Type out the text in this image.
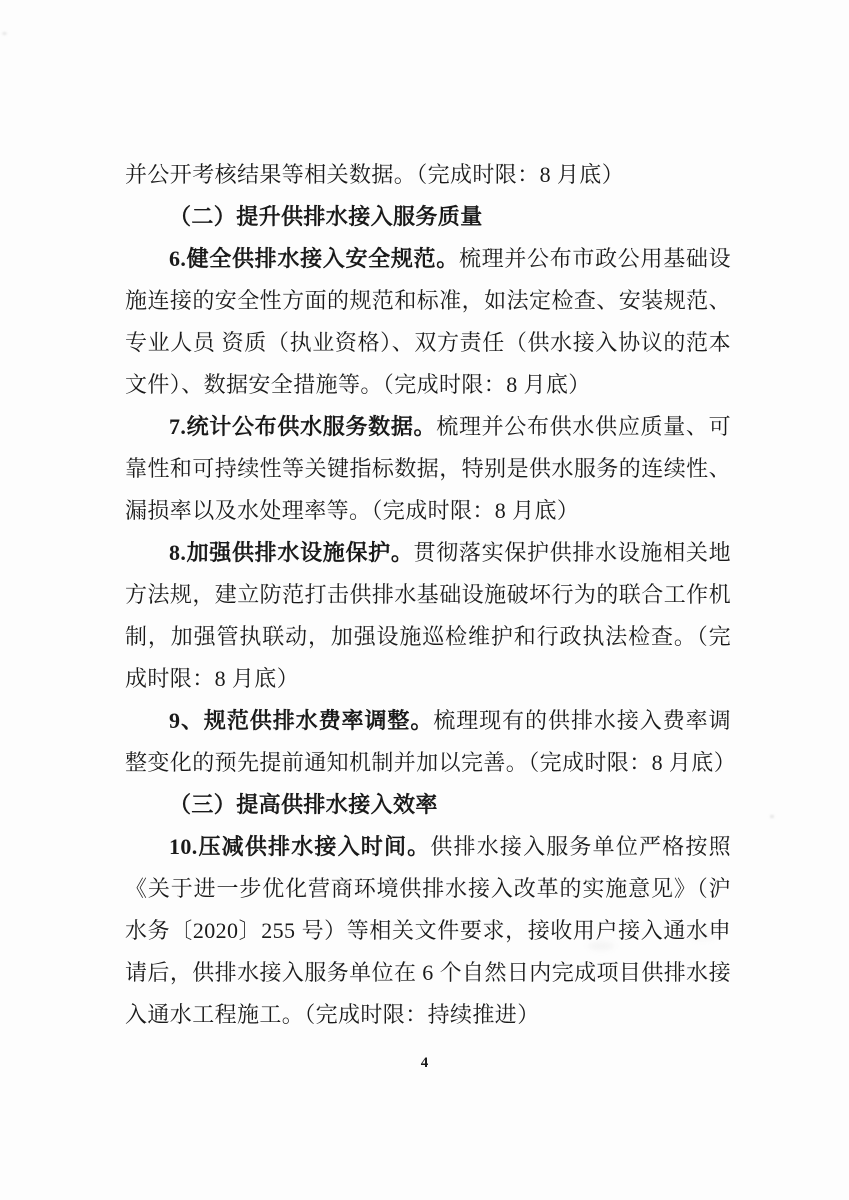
并公开考核结果等相关数据。（完成时限：8 月底）

（二）提升供排水接入服务质量

6.健全供排水接入安全规范。梳理并公布市政公用基础设施连接的安全性方面的规范和标准，如法定检查、安装规范、专业人员 资质（执业资格）、双方责任（供水接入协议的范本文件）、数据安全措施等。（完成时限：8 月底）

7.统计公布供水服务数据。梳理并公布供水供应质量、可靠性和可持续性等关键指标数据，特别是供水服务的连续性、漏损率以及水处理率等。（完成时限：8 月底）

8.加强供排水设施保护。贯彻落实保护供排水设施相关地方法规，建立防范打击供排水基础设施破坏行为的联合工作机制，加强管执联动，加强设施巡检维护和行政执法检查。（完成时限：8 月底）

9、规范供排水费率调整。梳理现有的供排水接入费率调整变化的预先提前通知机制并加以完善。（完成时限：8 月底）

（三）提高供排水接入效率

10.压减供排水接入时间。供排水接入服务单位严格按照《关于进一步优化营商环境供排水接入改革的实施意见》（沪水务〔2020〕255 号）等相关文件要求，接收用户接入通水申请后，供排水接入服务单位在 6 个自然日内完成项目供排水接入通水工程施工。（完成时限：持续推进）

4
